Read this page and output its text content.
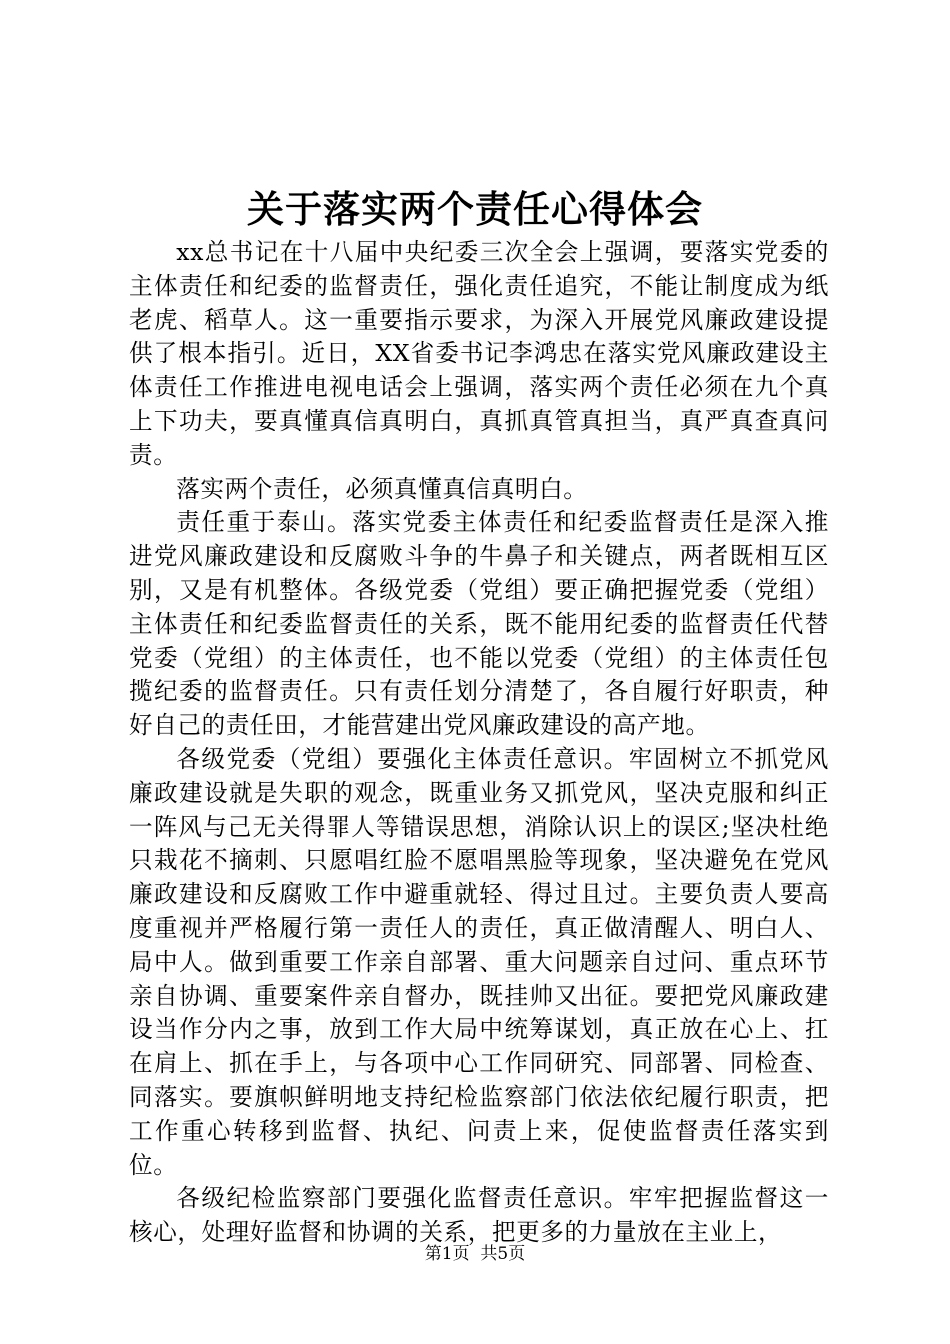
关于落实两个责任心得体会

xx总书记在十八届中央纪委三次全会上强调，要落实党委的主体责任和纪委的监督责任，强化责任追究，不能让制度成为纸老虎、稻草人。这一重要指示要求，为深入开展党风廉政建设提供了根本指引。近日，XX省委书记李鸿忠在落实党风廉政建设主体责任工作推进电视电话会上强调，落实两个责任必须在九个真上下功夫，要真懂真信真明白，真抓真管真担当，真严真查真问责。

落实两个责任，必须真懂真信真明白。

责任重于泰山。落实党委主体责任和纪委监督责任是深入推进党风廉政建设和反腐败斗争的牛鼻子和关键点，两者既相互区别，又是有机整体。各级党委（党组）要正确把握党委（党组）主体责任和纪委监督责任的关系，既不能用纪委的监督责任代替党委（党组）的主体责任，也不能以党委（党组）的主体责任包揽纪委的监督责任。只有责任划分清楚了，各自履行好职责，种好自己的责任田，才能营建出党风廉政建设的高产地。

各级党委（党组）要强化主体责任意识。牢固树立不抓党风廉政建设就是失职的观念，既重业务又抓党风，坚决克服和纠正一阵风与己无关得罪人等错误思想，消除认识上的误区;坚决杜绝只栽花不摘刺、只愿唱红脸不愿唱黑脸等现象，坚决避免在党风廉政建设和反腐败工作中避重就轻、得过且过。主要负责人要高度重视并严格履行第一责任人的责任，真正做清醒人、明白人、局中人。做到重要工作亲自部署、重大问题亲自过问、重点环节亲自协调、重要案件亲自督办，既挂帅又出征。要把党风廉政建设当作分内之事，放到工作大局中统筹谋划，真正放在心上、扛在肩上、抓在手上，与各项中心工作同研究、同部署、同检查、同落实。要旗帜鲜明地支持纪检监察部门依法依纪履行职责，把工作重心转移到监督、执纪、问责上来，促使监督责任落实到位。

各级纪检监察部门要强化监督责任意识。牢牢把握监督这一核心，处理好监督和协调的关系，把更多的力量放在主业上，

第1页  共5页
